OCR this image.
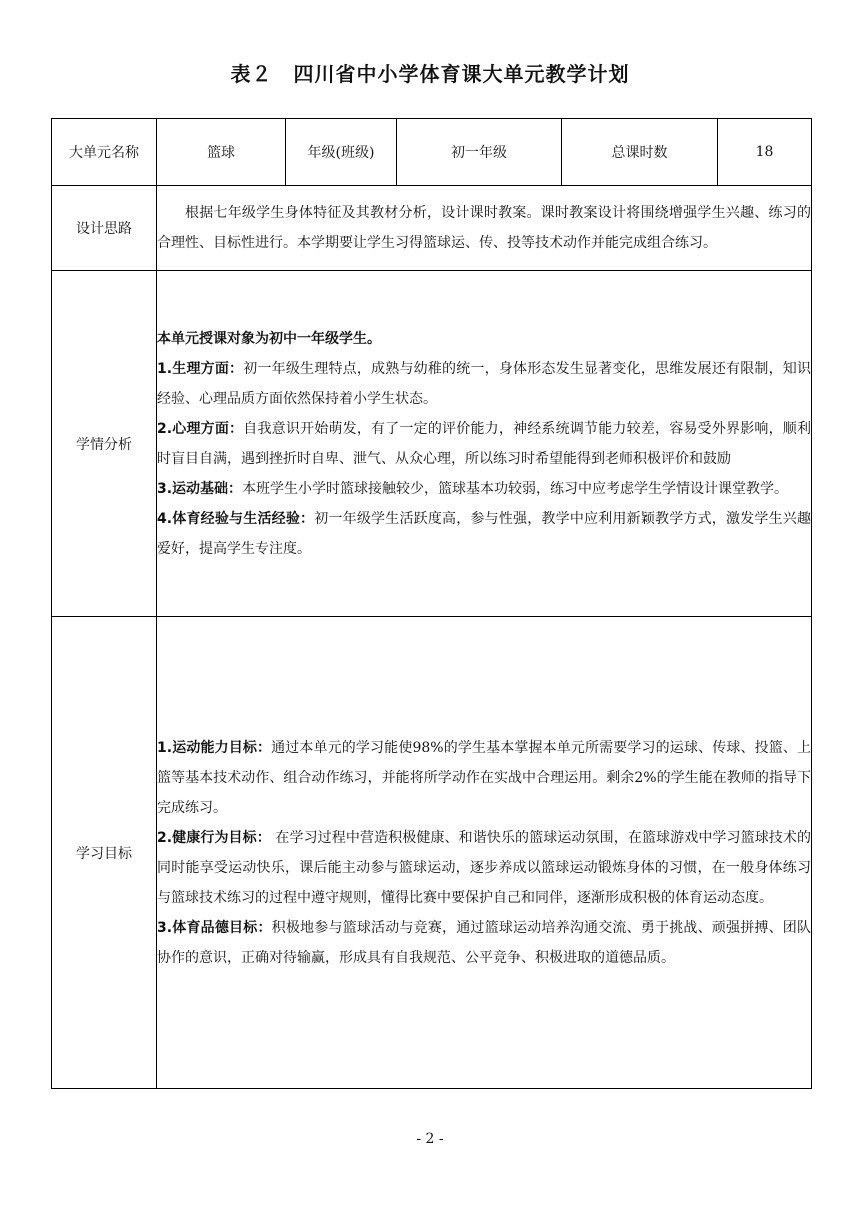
表２　四川省中小学体育课大单元教学计划
大单元名称	篮球	年级(班级)	初一年级	总课时数	18
设计思路	根据七年级学生身体特征及其教材分析，设计课时教案。课时教案设计将围绕增强学生兴趣、练习的合理性、目标性进行。本学期要让学生习得篮球运、传、投等技术动作并能完成组合练习。				

学情分析	本单元授课对象为初中一年级学生。

1.生理方面：初一年级生理特点，成熟与幼稚的统一，身体形态发生显著变化，思维发展还有限制，知识经验、心理品质方面依然保持着小学生状态。

2.心理方面：自我意识开始萌发，有了一定的评价能力，神经系统调节能力较差，容易受外界影响，顺利时盲目自满，遇到挫折时自卑、泄气、从众心理，所以练习时希望能得到老师积极评价和鼓励

3.运动基础：本班学生小学时篮球接触较少，篮球基本功较弱，练习中应考虑学生学情设计课堂教学。

4.体育经验与生活经验：初一年级学生活跃度高，参与性强，教学中应利用新颖教学方式，激发学生兴趣爱好，提高学生专注度。				

学习目标	1.运动能力目标：通过本单元的学习能使98%的学生基本掌握本单元所需要学习的运球、传球、投篮、上篮等基本技术动作、组合动作练习，并能将所学动作在实战中合理运用。剩余2%的学生能在教师的指导下完成练习。

2.健康行为目标： 在学习过程中营造积极健康、和谐快乐的篮球运动氛围，在篮球游戏中学习篮球技术的同时能享受运动快乐，课后能主动参与篮球运动，逐步养成以篮球运动锻炼身体的习惯，在一般身体练习与篮球技术练习的过程中遵守规则，懂得比赛中要保护自己和同伴，逐渐形成积极的体育运动态度。

3.体育品德目标：积极地参与篮球活动与竞赛，通过篮球运动培养沟通交流、勇于挑战、顽强拼搏、团队协作的意识，正确对待输赢，形成具有自我规范、公平竞争、积极进取的道德品质。				

- 2 -
